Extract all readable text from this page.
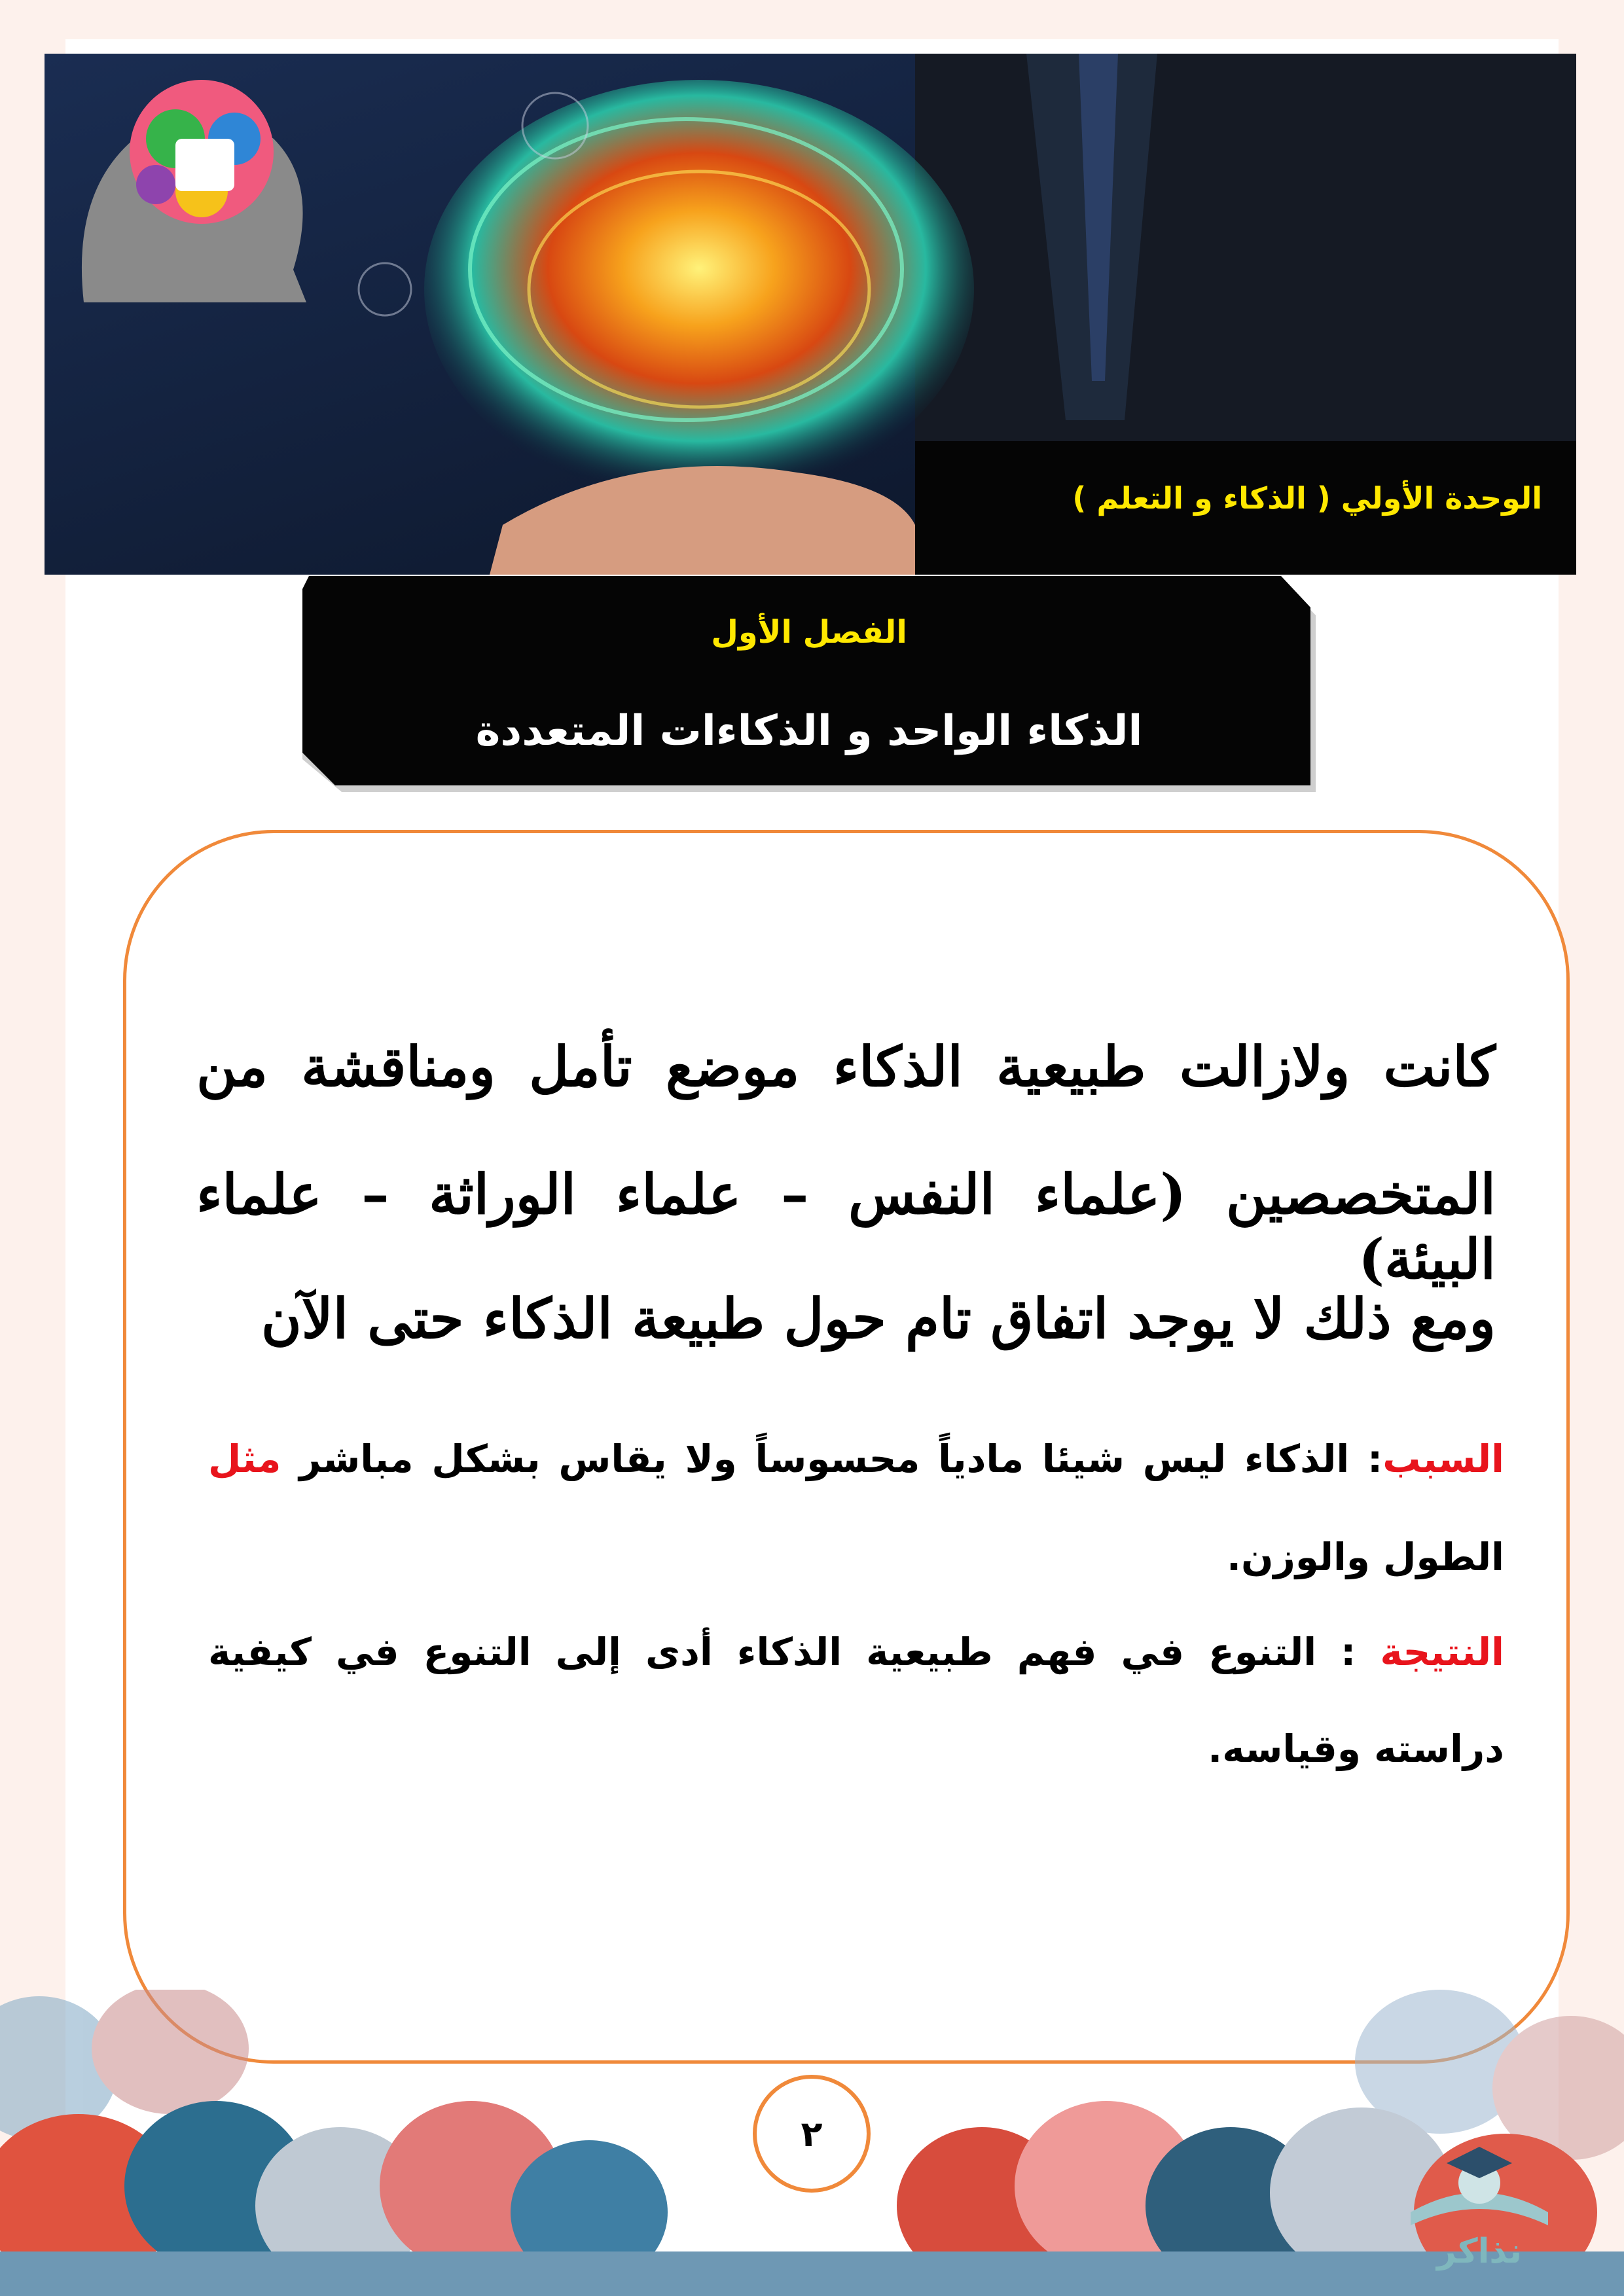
الوحدة الأولي ( الذكاء و التعلم )
الفصل الأول
الذكاء الواحد و الذكاءات المتعددة
كانت ولازالت طبيعية الذكاء موضع تأمل ومناقشة من
المتخصصين (علماء النفس – علماء الوراثة – علماء البيئة)
ومع ذلك لا يوجد اتفاق تام حول طبيعة الذكاء حتى الآن
السبب: الذكاء ليس شيئا مادياً محسوساً ولا يقاس بشكل مباشر مثل
الطول والوزن.
النتيجة : التنوع في فهم طبيعية الذكاء أدى إلى التنوع في كيفية
دراسته وقياسه.
٢
نذاكر
